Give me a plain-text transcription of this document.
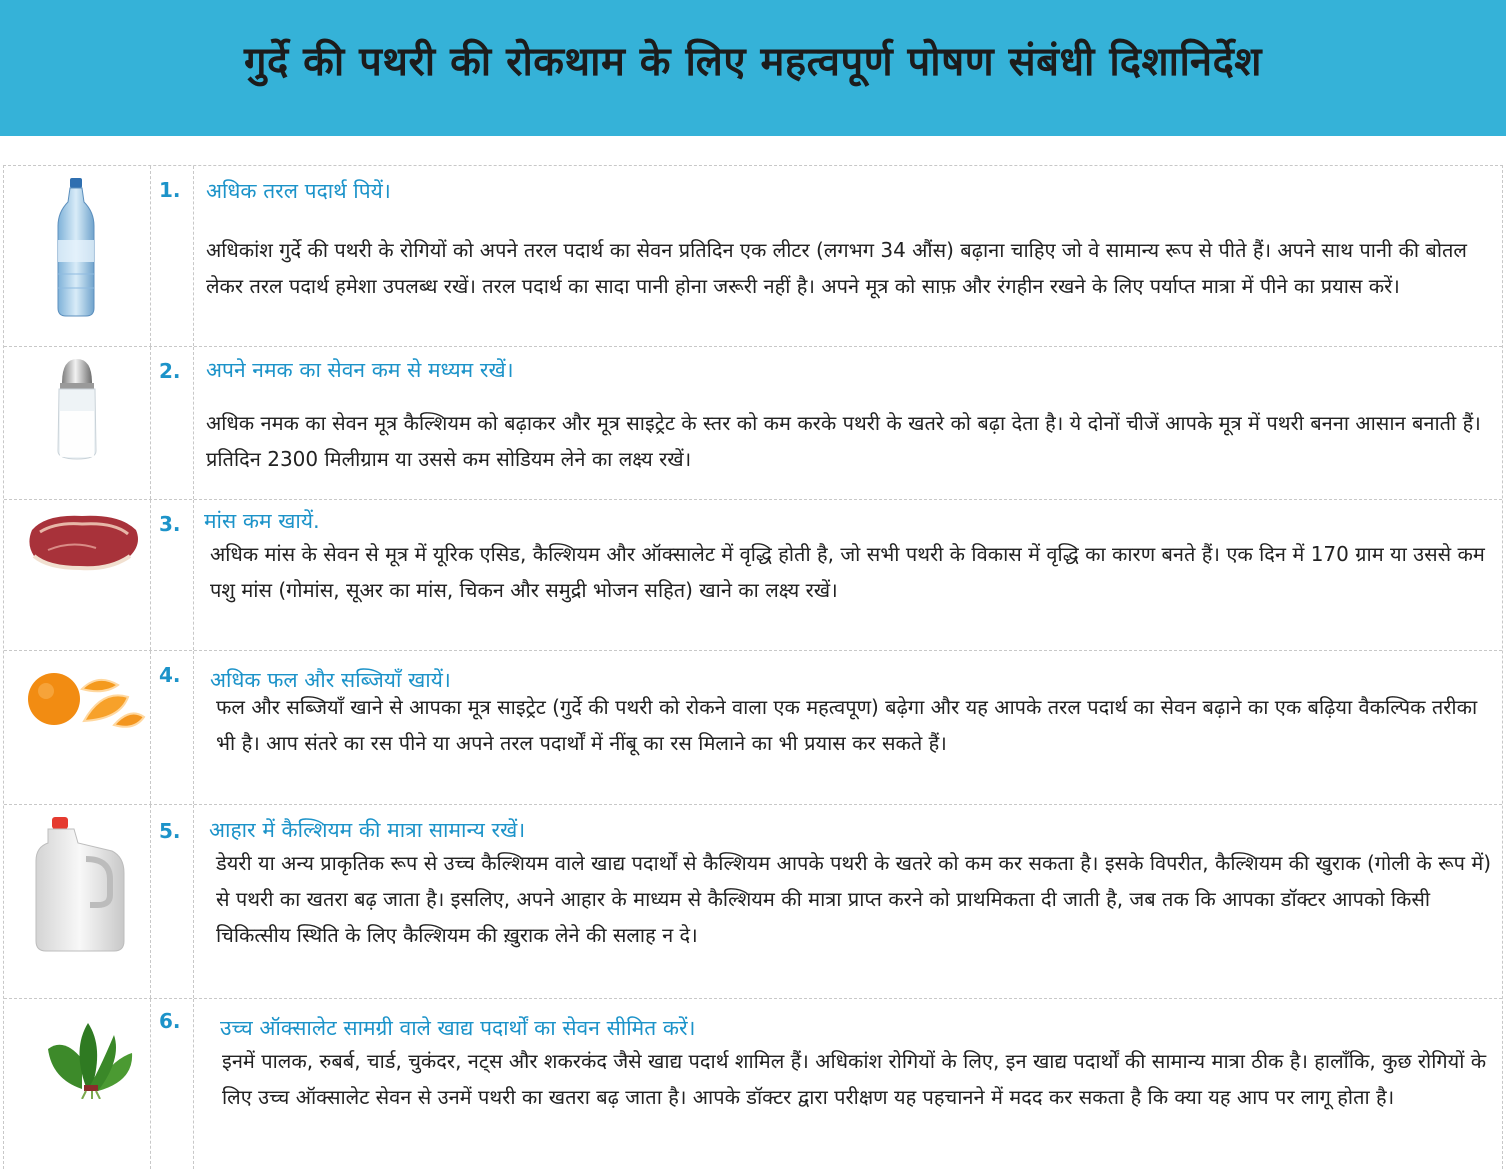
गुर्दे की पथरी की रोकथाम के लिए महत्वपूर्ण पोषण संबंधी दिशानिर्देश
1. अधिक तरल पदार्थ पियें।
अधिकांश गुर्दे की पथरी के रोगियों को अपने तरल पदार्थ का सेवन प्रतिदिन एक लीटर (लगभग 34 औंस) बढ़ाना चाहिए जो वे सामान्य रूप से पीते हैं। अपने साथ पानी की बोतल लेकर तरल पदार्थ हमेशा उपलब्ध रखें। तरल पदार्थ का सादा पानी होना जरूरी नहीं है। अपने मूत्र को साफ़ और रंगहीन रखने के लिए पर्याप्त मात्रा में पीने का प्रयास करें।
2. अपने नमक का सेवन कम से मध्यम रखें।
अधिक नमक का सेवन मूत्र कैल्शियम को बढ़ाकर और मूत्र साइट्रेट के स्तर को कम करके पथरी के खतरे को बढ़ा देता है। ये दोनों चीजें आपके मूत्र में पथरी बनना आसान बनाती हैं। प्रतिदिन 2300 मिलीग्राम या उससे कम सोडियम लेने का लक्ष्य रखें।
3. मांस कम खायें.
अधिक मांस के सेवन से मूत्र में यूरिक एसिड, कैल्शियम और ऑक्सालेट में वृद्धि होती है, जो सभी पथरी के विकास में वृद्धि का कारण बनते हैं। एक दिन में 170 ग्राम या उससे कम पशु मांस (गोमांस, सूअर का मांस, चिकन और समुद्री भोजन सहित) खाने का लक्ष्य रखें।
4. अधिक फल और सब्जियाँ खायें।
फल और सब्जियाँ खाने से आपका मूत्र साइट्रेट (गुर्दे की पथरी को रोकने वाला एक महत्वपूण) बढ़ेगा और यह आपके तरल पदार्थ का सेवन बढ़ाने का एक बढ़िया वैकल्पिक तरीका भी है। आप संतरे का रस पीने या अपने तरल पदार्थों में नींबू का रस मिलाने का भी प्रयास कर सकते हैं।
5. आहार में कैल्शियम की मात्रा सामान्य रखें।
डेयरी या अन्य प्राकृतिक रूप से उच्च कैल्शियम वाले खाद्य पदार्थों से कैल्शियम आपके पथरी के खतरे को कम कर सकता है। इसके विपरीत, कैल्शियम की खुराक (गोली के रूप में) से पथरी का खतरा बढ़ जाता है। इसलिए, अपने आहार के माध्यम से कैल्शियम की मात्रा प्राप्त करने को प्राथमिकता दी जाती है, जब तक कि आपका डॉक्टर आपको किसी चिकित्सीय स्थिति के लिए कैल्शियम की ख़ुराक लेने की सलाह न दे।
6. उच्च ऑक्सालेट सामग्री वाले खाद्य पदार्थों का सेवन सीमित करें।
इनमें पालक, रुबर्ब, चार्ड, चुकंदर, नट्स और शकरकंद जैसे खाद्य पदार्थ शामिल हैं। अधिकांश रोगियों के लिए, इन खाद्य पदार्थों की सामान्य मात्रा ठीक है। हालाँकि, कुछ रोगियों के लिए उच्च ऑक्सालेट सेवन से उनमें पथरी का खतरा बढ़ जाता है। आपके डॉक्टर द्वारा परीक्षण यह पहचानने में मदद कर सकता है कि क्या यह आप पर लागू होता है।
